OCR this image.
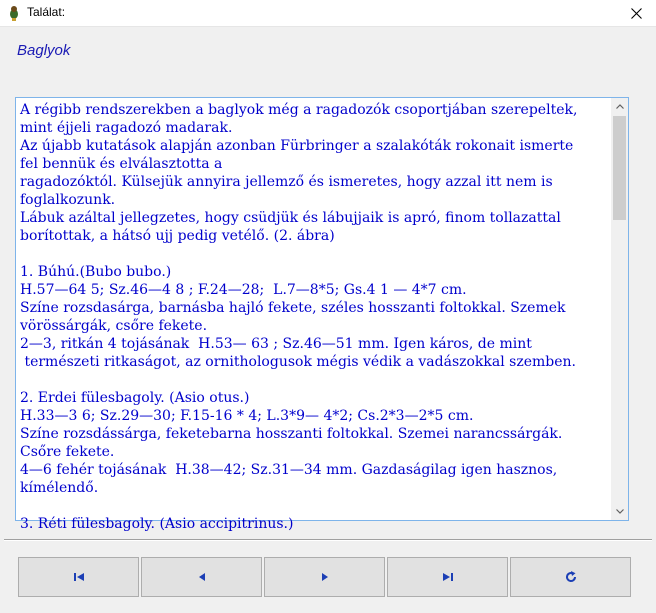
Találat:
Baglyok
A régibb rendszerekben a baglyok még a ragadozók csoportjában szerepeltek,
mint éjjeli ragadozó madarak.
Az újabb kutatások alapján azonban Fürbringer a szalakóták rokonait ismerte
fel bennük és elválasztotta a
ragadozóktól. Külsejük annyira jellemző és ismeretes, hogy azzal itt nem is
foglalkozunk.
Lábuk azáltal jellegzetes, hogy csüdjük és lábujjaik is apró, finom tollazattal
borítottak, a hátsó ujj pedig vetélő. (2. ábra)

1. Búhú.(Bubo bubo.)
H.57—64 5; Sz.46—4 8 ; F.24—28;  L.7—8*5; Gs.4 1 — 4*7 cm.
Színe rozsdasárga, barnásba hajló fekete, széles hosszanti foltokkal. Szemek
vörössárgák, csőre fekete.
2—3, ritkán 4 tojásának  H.53— 63 ; Sz.46—51 mm. Igen káros, de mint
természeti ritkaságot, az ornithologusok mégis védik a vadászokkal szemben.

2. Erdei fülesbagoly. (Asio otus.)
H.33—3 6; Sz.29—30; F.15-16 * 4; L.3*9— 4*2; Cs.2*3—2*5 cm.
Színe rozsdássárga, feketebarna hosszanti foltokkal. Szemei narancssárgák.
Csőre fekete.
4—6 fehér tojásának  H.38—42; Sz.31—34 mm. Gazdaságilag igen hasznos,
kímélendő.

3. Réti fülesbagoly. (Asio accipitrinus.)
